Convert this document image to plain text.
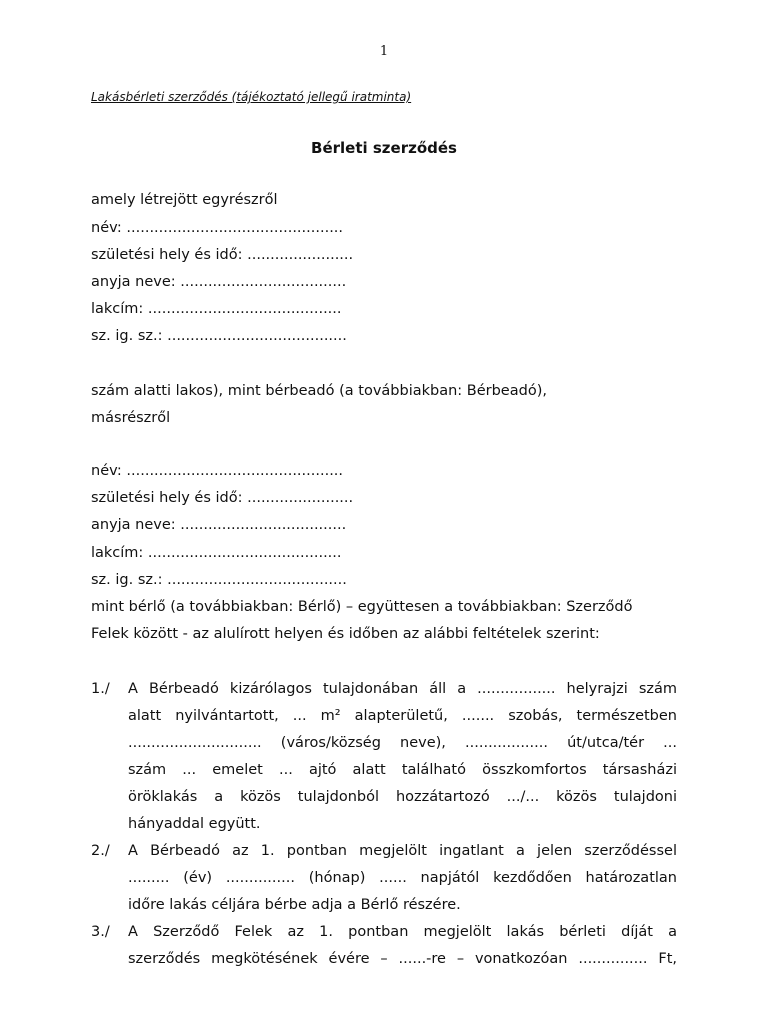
1
Lakásbérleti szerződés (tájékoztató jellegű iratminta)
Bérleti szerződés
amely létrejött egyrészről
név: ...............................................
születési hely és idő: .......................
anyja neve: ....................................
lakcím: ..........................................
sz. ig. sz.: .......................................
szám alatti lakos), mint bérbeadó (a továbbiakban: Bérbeadó),
másrészről
név: ...............................................
születési hely és idő: .......................
anyja neve: ....................................
lakcím: ..........................................
sz. ig. sz.: .......................................
mint bérlő (a továbbiakban: Bérlő) – együttesen a továbbiakban: Szerződő
Felek között - az alulírott helyen és időben az alábbi feltételek szerint:
1./ A Bérbeadó kizárólagos tulajdonában áll a ................. helyrajzi szám
alatt nyilvántartott, ... m² alapterületű, ....... szobás, természetben
............................. (város/község neve), .................. út/utca/tér ...
szám ... emelet ... ajtó alatt található összkomfortos társasházi
öröklakás a közös tulajdonból hozzátartozó .../... közös tulajdoni
hányaddal együtt.
2./ A Bérbeadó az 1. pontban megjelölt ingatlant a jelen szerződéssel
......... (év) ............... (hónap) ...... napjától kezdődően határozatlan
időre lakás céljára bérbe adja a Bérlő részére.
3./ A Szerződő Felek az 1. pontban megjelölt lakás bérleti díját a
szerződés megkötésének évére – ......-re – vonatkozóan ............... Ft,
